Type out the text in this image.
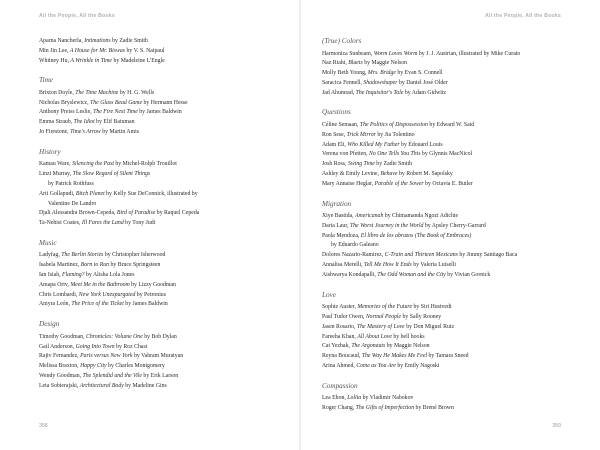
All the People, All the Books
Aparna Nancherla, Intimations by Zadie Smith
Min Jin Lee, A House for Mr. Biswas by V. S. Naipaul
Whitney Hu, A Wrinkle in Time by Madeleine L'Engle
Time
Brixton Doyle, The Time Machine by H. G. Wells
Nicholas Bryslewicz, The Glass Bead Game by Hermann Hesse
Anthony Preiss Leslie, The Fire Next Time by James Baldwin
Emma Straub, The Idiot by Elif Batuman
Jo Firestone, Time's Arrow by Martin Amis
History
Kamau Ware, Silencing the Past by Michel-Rolph Trouillot
Linzi Murray, The Slow Regard of Silent Things
by Patrick Rothfuss
Arti Gollapudi, Bitch Planet by Kelly Sue DeConnick, illustrated by
Valentine De Landro
Djali Alessandra Brown-Cepeda, Bird of Paradise by Raquel Cepeda
Ta-Nehisi Coates, Ill Fares the Land by Tony Judt
Music
Ladyfag, The Berlin Stories by Christopher Isherwood
Isabela Martinez, Born to Run by Bruce Springsteen
Ian Isiah, Flaming? by Alisha Lola Jones
Amapa Oriv, Meet Me in the Bathroom by Lizzy Goodman
Chris Lombardi, New York Unexpurgated by Petronius
Amyra León, The Price of the Ticket by James Baldwin
Design
Timothy Goodman, Chronicles: Volume One by Bob Dylan
Gail Anderson, Going Into Town by Roz Chast
Rajiv Fernandez, Paris versus New York by Vahram Muratyan
Melissa Braxton, Happy City by Charles Montgomery
Wendy Goodman, The Splendid and the Vile by Erik Larson
Leta Sobierajski, Architectural Body by Madeline Gins
358
All the People, All the Books
(True) Colors
Harmonica Sunbeam, Worm Loves Worm by J. J. Austrian, illustrated by Mike Curato
Naz Riahi, Bluets by Maggie Nelson
Molly Beth Young, Mrs. Bridge by Evan S. Connell
Saracica Fennell, Shadowshaper by Daniel José Older
Jad Ahumrad, The Inquisitor's Tale by Adam Gidwitz
Questions
Céline Semaan, The Politics of Dispossession by Edward W. Said
Ron Sese, Trick Mirror by Jia Tolentino
Adam Eli, Who Killed My Father by Édouard Louis
Verena von Pfetten, No One Tells You This by Glynnis MacNicol
Josh Ross, Swing Time by Zadie Smith
Ashley & Emily Levine, Behave by Robert M. Sapolsky
Mary Annaise Heglar, Parable of the Sower by Octavia E. Butler
Migration
Xiye Bastida, Americanah by Chimamanda Ngozi Adichie
Daria Laur, The Worst Journey in the World by Apsley Cherry-Garrard
Paola Mendoza, El libro de los abrazos (The Book of Embraces)
by Eduardo Galeano
Dolores Nazario-Ramirez, C-Train and Thirteen Mexicans by Jimmy Santiago Baca
Annalisa Merelli, Tell Me How It Ends by Valeria Luiselli
Aishwarya Kondapalli, The Odd Woman and the City by Vivian Gornick
Love
Sophie Auster, Memories of the Future by Siri Hustvedt
Paul Tudor Owen, Normal People by Sally Rooney
Jasen Rosario, The Mastery of Love by Don Miguel Ruiz
Fareeha Khan, All About Love by bell hooks
Cat Yezbak, The Argonauts by Maggie Nelson
Reyna Boucaud, The Way He Makes Me Feel by Tamara Sneed
Arina Ahmed, Come as You Are by Emily Nagoski
Compassion
Lea Ehon, Lolita by Vladimir Nabokov
Roger Chang, The Gifts of Imperfection by Brené Brown
359
